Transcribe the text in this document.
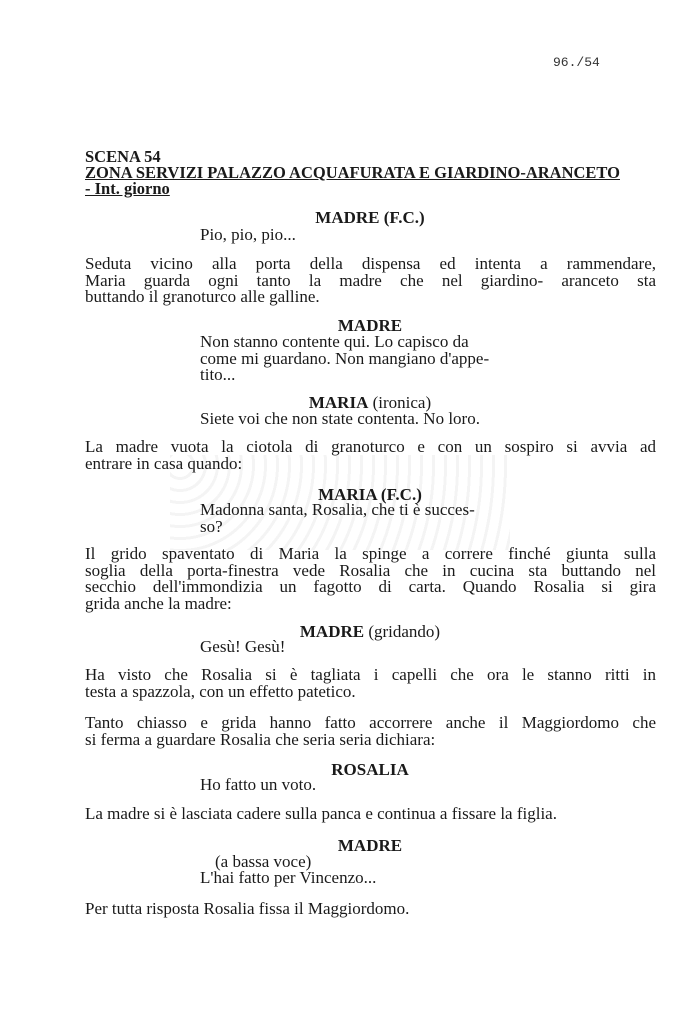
96./54
SCENA 54
ZONA SERVIZI PALAZZO ACQUAFURATA E GIARDINO-ARANCETO
- Int. giorno
MADRE (F.C.)
Pio, pio, pio...
Seduta vicino alla porta della dispensa ed intenta a rammendare,
Maria guarda ogni tanto la madre che nel giardino- aranceto sta
buttando il granoturco alle galline.
MADRE
Non stanno contente qui. Lo capisco da
come mi guardano. Non mangiano d'appe-
tito...
MARIA (ironica)
Siete voi che non state contenta. No loro.
La madre vuota la ciotola di granoturco e con un sospiro si avvia ad
entrare in casa quando:
MARIA (F.C.)
Madonna santa, Rosalia, che ti è succes-
so?
Il grido spaventato di Maria la spinge a correre finché giunta sulla
soglia della porta-finestra vede Rosalia che in cucina sta buttando nel
secchio dell'immondizia un fagotto di carta. Quando Rosalia si gira
grida anche la madre:
MADRE (gridando)
Gesù! Gesù!
Ha visto che Rosalia si è tagliata i capelli che ora le stanno ritti in
testa a spazzola, con un effetto patetico.
Tanto chiasso e grida hanno fatto accorrere anche il Maggiordomo che
si ferma a guardare Rosalia che seria seria dichiara:
ROSALIA
Ho fatto un voto.
La madre si è lasciata cadere sulla panca e continua a fissare la figlia.
MADRE
(a bassa voce)
L'hai fatto per Vincenzo...
Per tutta risposta Rosalia fissa il Maggiordomo.
